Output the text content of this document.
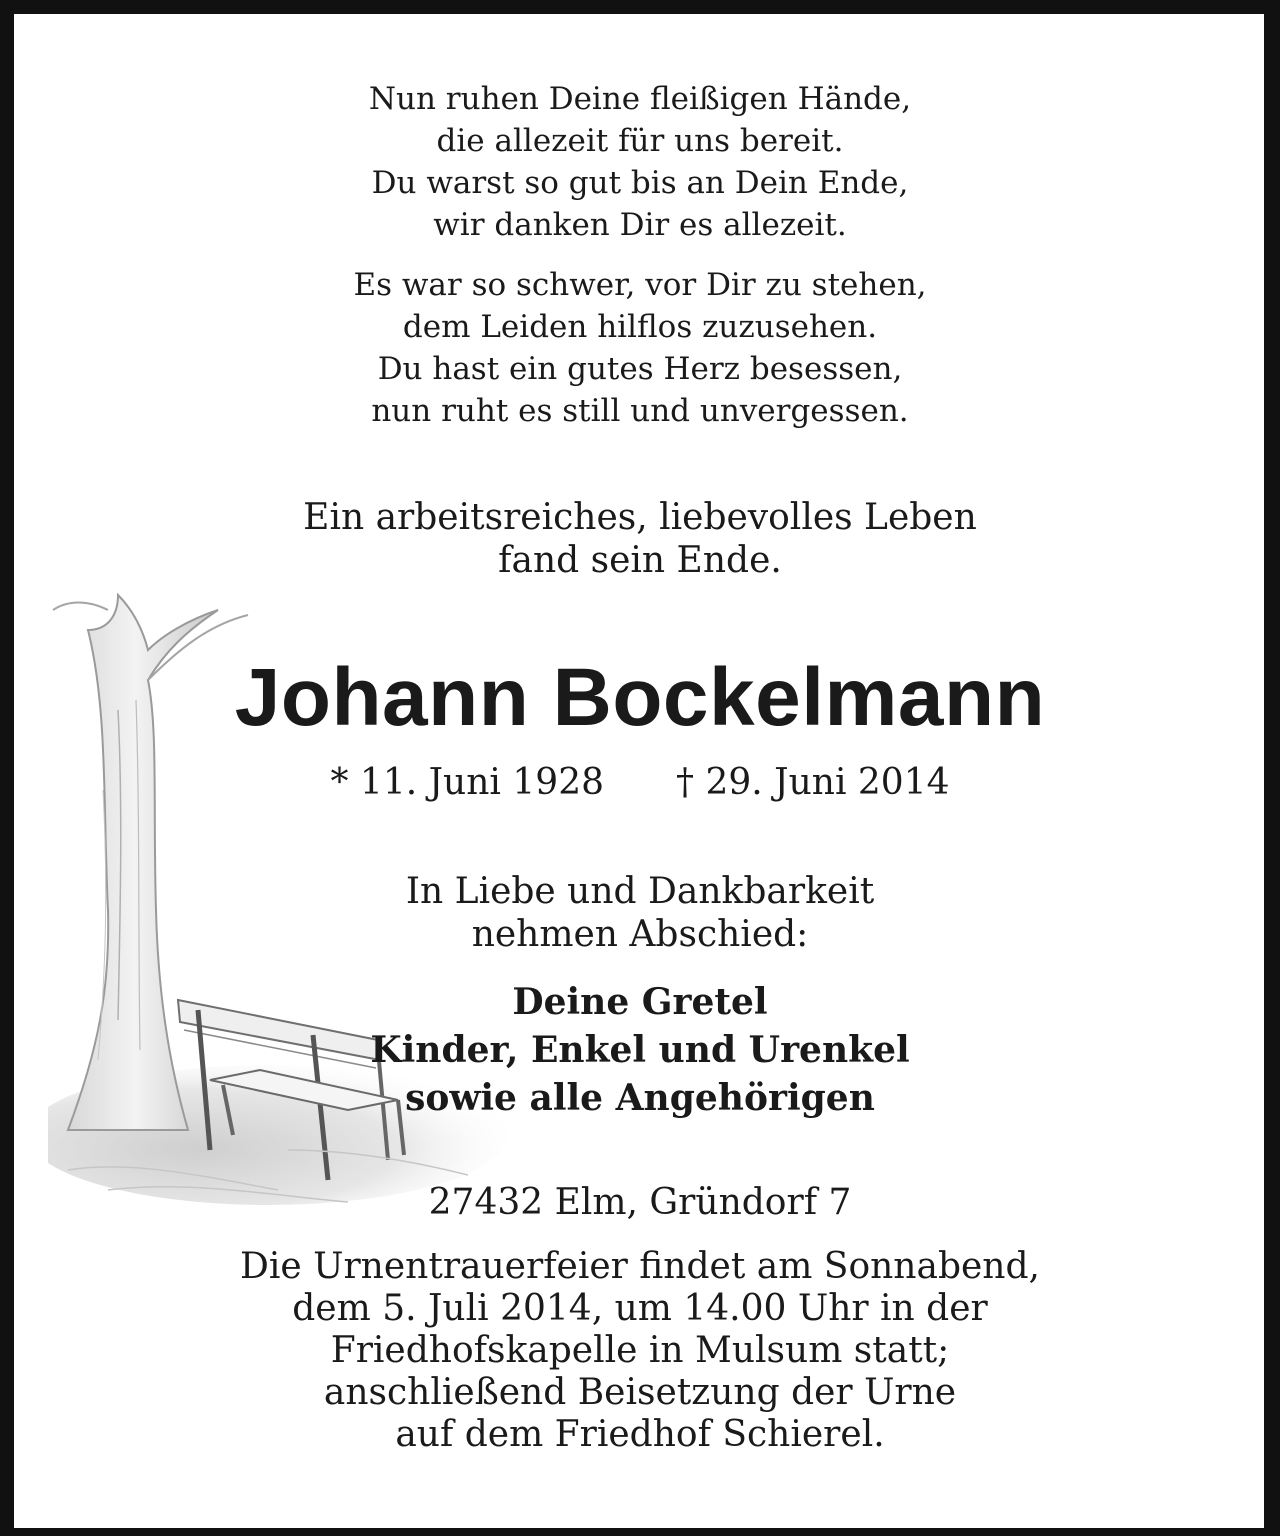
Nun ruhen Deine fleißigen Hände,

die allezeit für uns bereit.

Du warst so gut bis an Dein Ende,

wir danken Dir es allezeit.

Es war so schwer, vor Dir zu stehen,

dem Leiden hilflos zuzusehen.

Du hast ein gutes Herz besessen,

nun ruht es still und unvergessen.

Ein arbeitsreiches, liebevolles Leben

fand sein Ende.

Johann Bockelmann
* 11. Juni 1928 † 29. Juni 2014

In Liebe und Dankbarkeit

nehmen Abschied:

Deine Gretel

Kinder, Enkel und Urenkel

sowie alle Angehörigen

27432 Elm, Gründorf 7

Die Urnentrauerfeier findet am Sonnabend,

dem 5. Juli 2014, um 14.00 Uhr in der

Friedhofskapelle in Mulsum statt;

anschließend Beisetzung der Urne

auf dem Friedhof Schierel.
